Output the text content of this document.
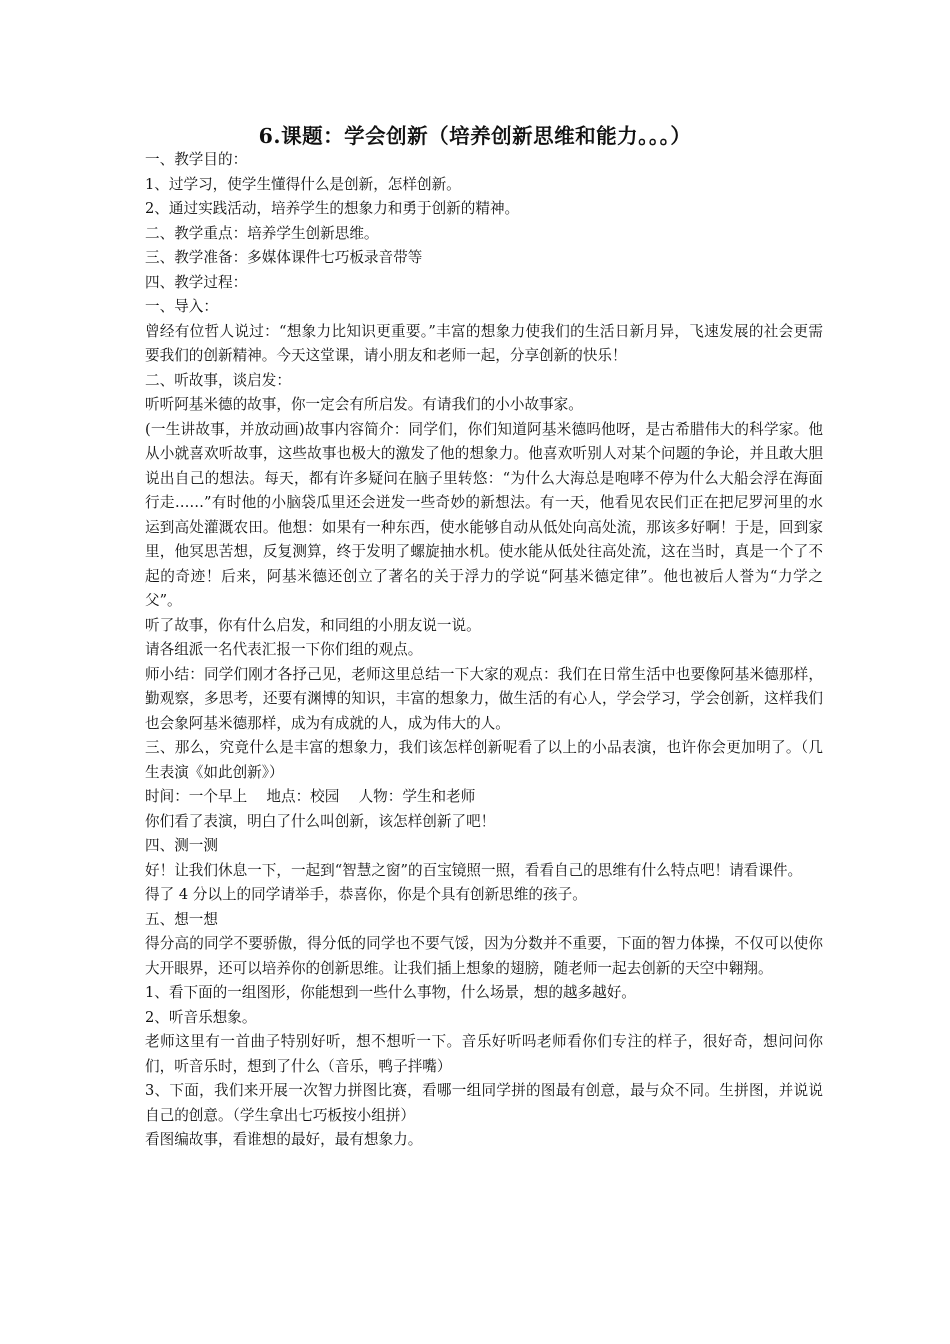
6.课题：学会创新（培养创新思维和能力。。。）

一、教学目的：

1、过学习，使学生懂得什么是创新，怎样创新。

2、通过实践活动，培养学生的想象力和勇于创新的精神。

二、教学重点：培养学生创新思维。

三、教学准备：多媒体课件七巧板录音带等

四、教学过程：

一、导入：

曾经有位哲人说过：“想象力比知识更重要。”丰富的想象力使我们的生活日新月异，飞速发展的社会更需要我们的创新精神。今天这堂课，请小朋友和老师一起，分享创新的快乐！

二、听故事，谈启发：

听听阿基米德的故事，你一定会有所启发。有请我们的小小故事家。

(一生讲故事，并放动画)故事内容简介：同学们，你们知道阿基米德吗他呀，是古希腊伟大的科学家。他从小就喜欢听故事，这些故事也极大的激发了他的想象力。他喜欢听别人对某个问题的争论，并且敢大胆说出自己的想法。每天，都有许多疑问在脑子里转悠：“为什么大海总是咆哮不停为什么大船会浮在海面行走……”有时他的小脑袋瓜里还会迸发一些奇妙的新想法。有一天，他看见农民们正在把尼罗河里的水运到高处灌溉农田。他想：如果有一种东西，使水能够自动从低处向高处流，那该多好啊！于是，回到家里，他冥思苦想，反复测算，终于发明了螺旋抽水机。使水能从低处往高处流，这在当时，真是一个了不起的奇迹！后来，阿基米德还创立了著名的关于浮力的学说“阿基米德定律”。他也被后人誉为“力学之父”。

听了故事，你有什么启发，和同组的小朋友说一说。

请各组派一名代表汇报一下你们组的观点。

师小结：同学们刚才各抒己见，老师这里总结一下大家的观点：我们在日常生活中也要像阿基米德那样，勤观察，多思考，还要有渊博的知识，丰富的想象力，做生活的有心人，学会学习，学会创新，这样我们也会象阿基米德那样，成为有成就的人，成为伟大的人。

三、那么，究竟什么是丰富的想象力，我们该怎样创新呢看了以上的小品表演，也许你会更加明了。（几生表演《如此创新》）

时间：一个早上　 地点：校园　 人物：学生和老师

你们看了表演，明白了什么叫创新，该怎样创新了吧！

四、测一测

好！让我们休息一下，一起到“智慧之窗”的百宝镜照一照，看看自己的思维有什么特点吧！请看课件。

得了 4 分以上的同学请举手，恭喜你，你是个具有创新思维的孩子。

五、想一想

得分高的同学不要骄傲，得分低的同学也不要气馁，因为分数并不重要，下面的智力体操，不仅可以使你大开眼界，还可以培养你的创新思维。让我们插上想象的翅膀，随老师一起去创新的天空中翱翔。

1、看下面的一组图形，你能想到一些什么事物，什么场景，想的越多越好。

2、听音乐想象。

老师这里有一首曲子特别好听，想不想听一下。音乐好听吗老师看你们专注的样子，很好奇，想问问你们，听音乐时，想到了什么（音乐，鸭子拌嘴）

3、下面，我们来开展一次智力拼图比赛，看哪一组同学拼的图最有创意，最与众不同。生拼图，并说说自己的创意。（学生拿出七巧板按小组拼）

看图编故事，看谁想的最好，最有想象力。
